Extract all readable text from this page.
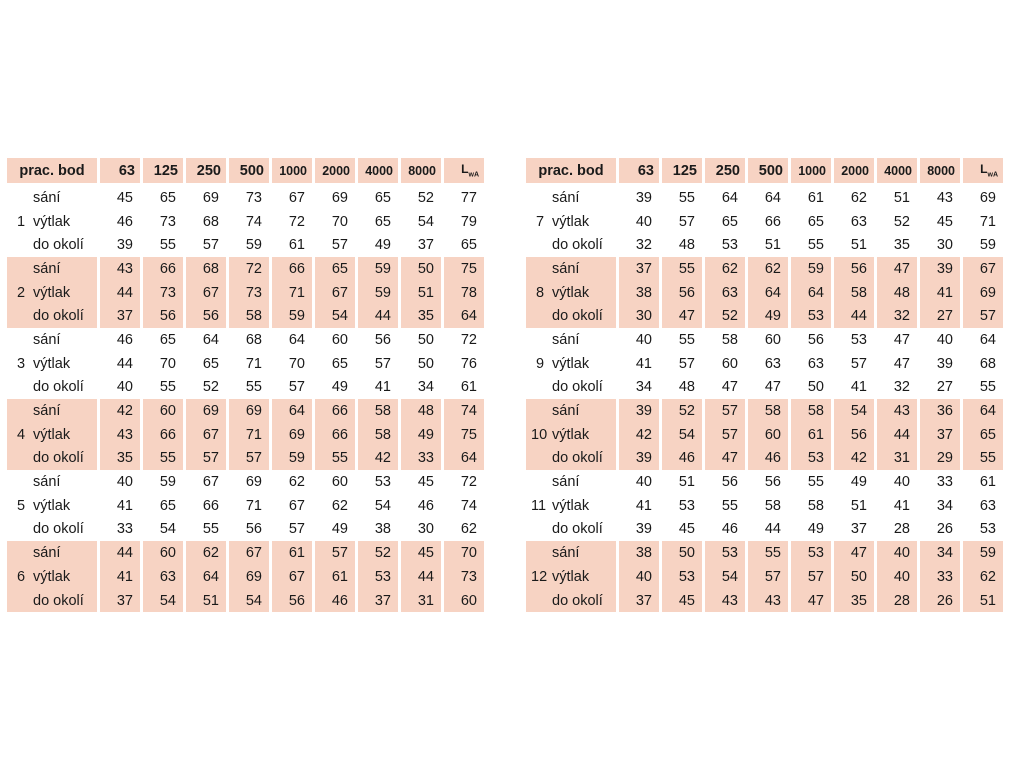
prac. bod	63	125	250	500	1000	2000	4000	8000	$L_{wA}$
sání	45	65	69	73	67	69	65	52	77
1 výtlak	46	73	68	74	72	70	65	54	79
do okolí	39	55	57	59	61	57	49	37	65
sání	43	66	68	72	66	65	59	50	75
2 výtlak	44	73	67	73	71	67	59	51	78
do okolí	37	56	56	58	59	54	44	35	64
sání	46	65	64	68	64	60	56	50	72
3 výtlak	44	70	65	71	70	65	57	50	76
do okolí	40	55	52	55	57	49	41	34	61
sání	42	60	69	69	64	66	58	48	74
4 výtlak	43	66	67	71	69	66	58	49	75
do okolí	35	55	57	57	59	55	42	33	64
sání	40	59	67	69	62	60	53	45	72
5 výtlak	41	65	66	71	67	62	54	46	74
do okolí	33	54	55	56	57	49	38	30	62
sání	44	60	62	67	61	57	52	45	70
6 výtlak	41	63	64	69	67	61	53	44	73
do okolí	37	54	51	54	56	46	37	31	60
prac. bod	63	125	250	500	1000	2000	4000	8000	$L_{wA}$
sání	39	55	64	64	61	62	51	43	69
7 výtlak	40	57	65	66	65	63	52	45	71
do okolí	32	48	53	51	55	51	35	30	59
sání	37	55	62	62	59	56	47	39	67
8 výtlak	38	56	63	64	64	58	48	41	69
do okolí	30	47	52	49	53	44	32	27	57
sání	40	55	58	60	56	53	47	40	64
9 výtlak	41	57	60	63	63	57	47	39	68
do okolí	34	48	47	47	50	41	32	27	55
sání	39	52	57	58	58	54	43	36	64
10 výtlak	42	54	57	60	61	56	44	37	65
do okolí	39	46	47	46	53	42	31	29	55
sání	40	51	56	56	55	49	40	33	61
11 výtlak	41	53	55	58	58	51	41	34	63
do okolí	39	45	46	44	49	37	28	26	53
sání	38	50	53	55	53	47	40	34	59
12 výtlak	40	53	54	57	57	50	40	33	62
do okolí	37	45	43	43	47	35	28	26	51
